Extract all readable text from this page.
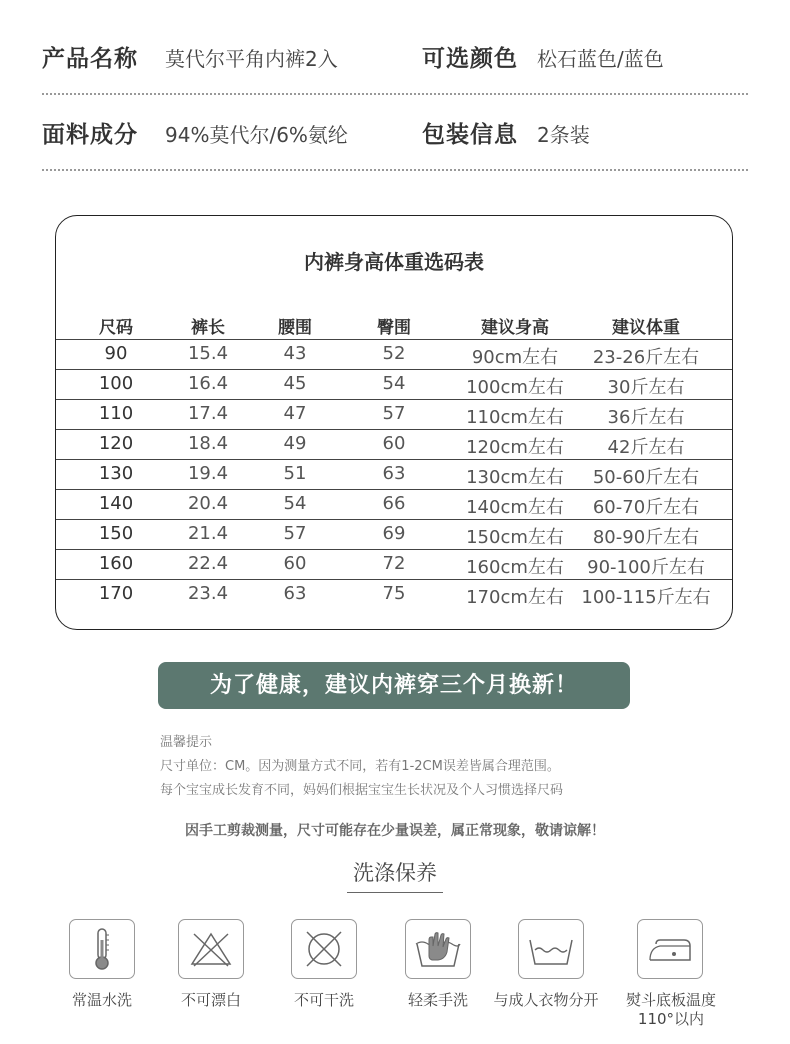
产品名称 莫代尔平角内裤2入	可选颜色 松石蓝色/蓝色
面料成分 94%莫代尔/6%氨纶	包装信息 2条装
内裤身高体重选码表
尺码	裤长	腰围	臀围	建议身高	建议体重
90	15.4	43	52	90cm左右 23-26斤左右
100	16.4	45	54	100cm左右 30斤左右
110	17.4	47	57	110cm左右 36斤左右
120	18.4	49	60	120cm左右 42斤左右
130	19.4	51	63	130cm左右 50-60斤左右
140	20.4	54	66	140cm左右 60-70斤左右
150	21.4	57	69	150cm左右 80-90斤左右
160	22.4	60	72	160cm左右 90-100斤左右
170	23.4	63	75	170cm左右 100-115斤左右
为了健康，建议内裤穿三个月换新！
温馨提示
尺寸单位：CM。因为测量方式不同，若有1-2CM误差皆属合理范围。
每个宝宝成长发育不同，妈妈们根据宝宝生长状况及个人习惯选择尺码
因手工剪裁测量，尺寸可能存在少量误差，属正常现象，敬请谅解！
洗涤保养
常温水洗	不可漂白	不可干洗	轻柔手洗 与成人衣物分开 熨斗底板温度
110°以内
